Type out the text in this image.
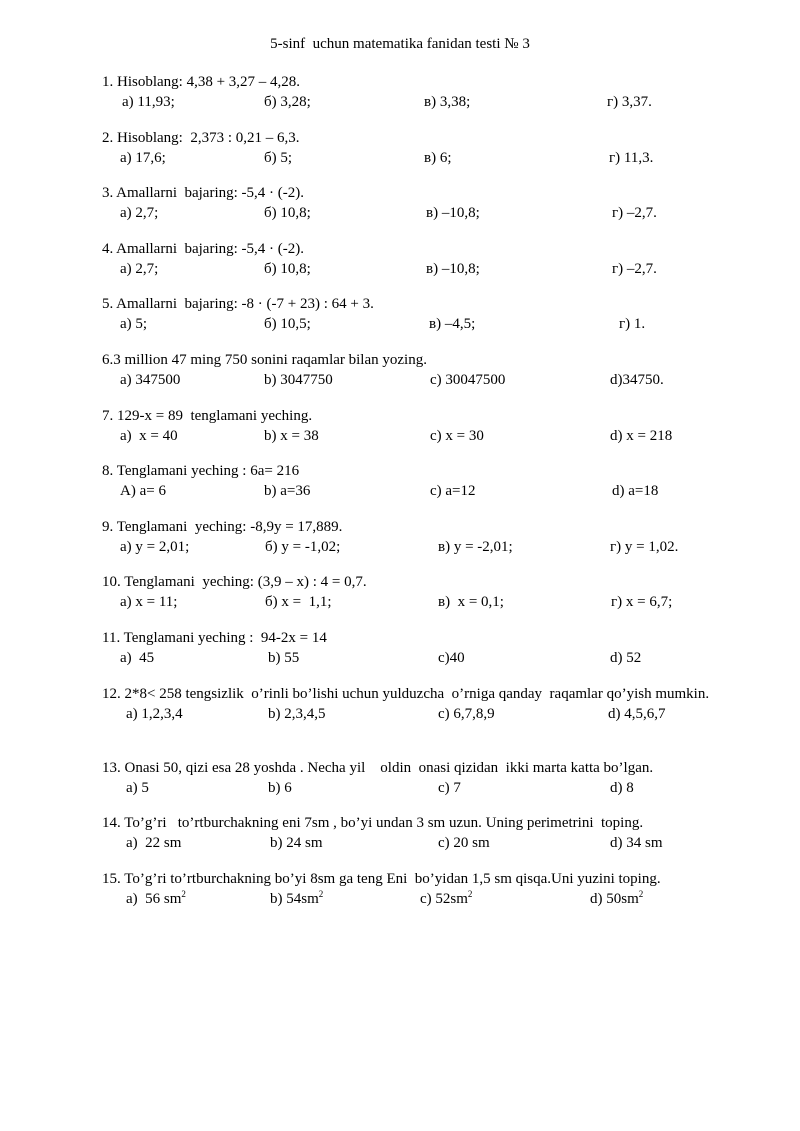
5-sinf  uchun matematika fanidan testi № 3
1. Hisoblang: 4,38 + 3,27 – 4,28.
a) 11,93;	б) 3,28;	в) 3,38;	г) 3,37.
2. Hisoblang:  2,373 : 0,21 – 6,3.
a) 17,6;	б) 5;	в) 6;	г) 11,3.
3. Amallarni  bajaring: -5,4 · (-2).
a) 2,7;	б) 10,8;	в) –10,8;	г) –2,7.
4. Amallarni  bajaring: -5,4 · (-2).
a) 2,7;	б) 10,8;	в) –10,8;	г) –2,7.
5. Amallarni  bajaring: -8 · (-7 + 23) : 64 + 3.
a) 5;	б) 10,5;	в) –4,5;	г) 1.
6.3 million 47 ming 750 sonini raqamlar bilan yozing.
a) 347500	b) 3047750	c) 30047500	d)34750.
7. 129-x = 89  tenglamani yeching.
a)  x = 40	b) x = 38	c) x = 30	d) x = 218
8. Tenglamani yeching : 6a= 216
A) a= 6	b) a=36	c) a=12	d) a=18
9. Tenglamani  yeching: -8,9y = 17,889.
a) y = 2,01;	б) y = -1,02;	в) y = -2,01;	г) y = 1,02.
10. Tenglamani  yeching: (3,9 – x) : 4 = 0,7.
a) x = 11;	б) x =  1,1;	в)  x = 0,1;	г) x = 6,7;
11. Tenglamani yeching :  94-2x = 14
a)  45	b) 55	c)40	d) 52
12. 2*8< 258 tengsizlik  o’rinli bo’lishi uchun yulduzcha  o’rniga qanday  raqamlar qo’yish mumkin.
a) 1,2,3,4	b) 2,3,4,5	c) 6,7,8,9	d) 4,5,6,7
13. Onasi 50, qizi esa 28 yoshda . Necha yil    oldin  onasi qizidan  ikki marta katta bo’lgan.
a) 5	b) 6	c) 7	d) 8
14. To’g’ri   to’rtburchakning eni 7sm , bo’yi undan 3 sm uzun. Uning perimetrini  toping.
a)  22 sm	b) 24 sm	c) 20 sm	d) 34 sm
15. To’g’ri to’rtburchakning bo’yi 8sm ga teng Eni  bo’yidan 1,5 sm qisqa.Uni yuzini toping.
a)  56 $sm^2$	b) $54sm^2$	c) $52sm^2$	d) $50sm^2$
